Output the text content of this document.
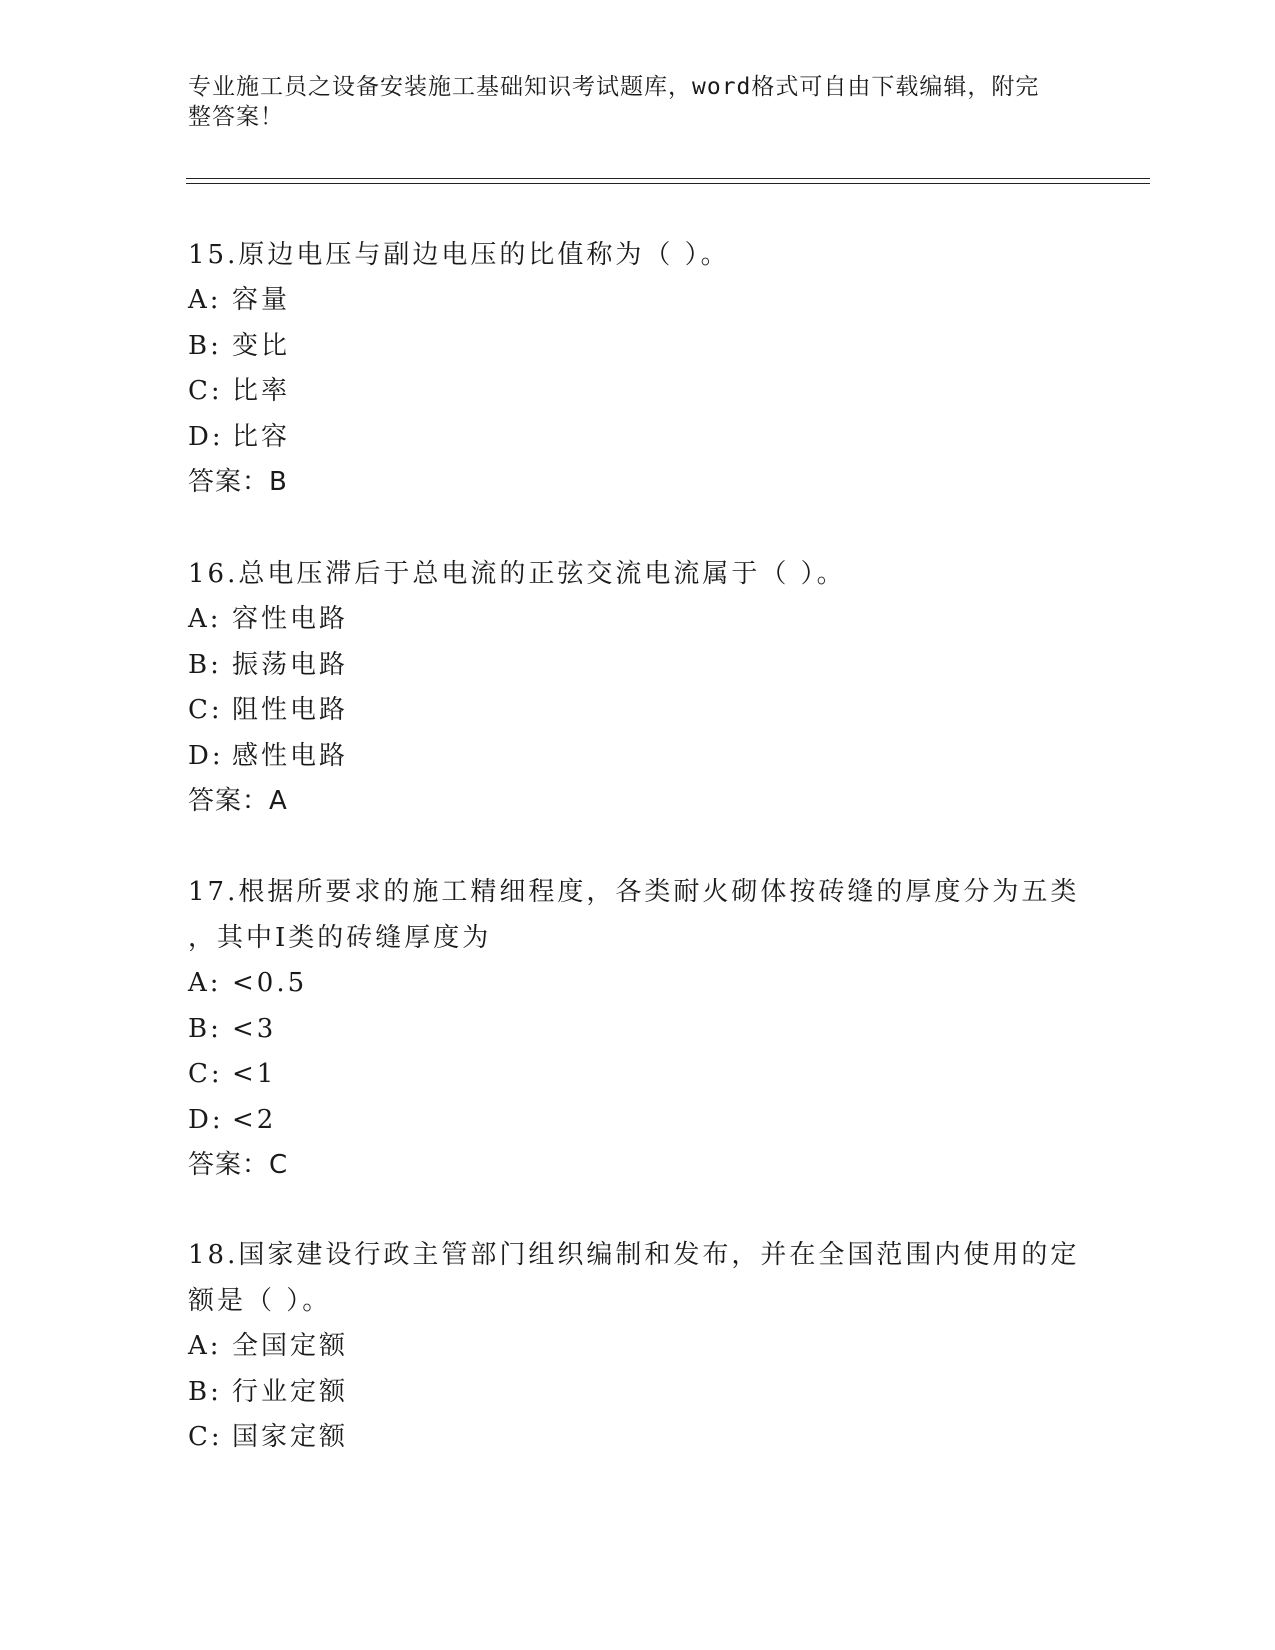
专业施工员之设备安装施工基础知识考试题库，word格式可自由下载编辑，附完
整答案！

15.原边电压与副边电压的比值称为（ ）。

A: 容量

B: 变比

C: 比率

D: 比容

答案：B

16.总电压滞后于总电流的正弦交流电流属于（ ）。

A: 容性电路

B: 振荡电路

C: 阻性电路

D: 感性电路

答案：A

17.根据所要求的施工精细程度，各类耐火砌体按砖缝的厚度分为五类

，其中Ⅰ类的砖缝厚度为

A: <0.5

B: <3

C: <1

D: <2

答案：C

18.国家建设行政主管部门组织编制和发布，并在全国范围内使用的定

额是（ ）。

A: 全国定额

B: 行业定额

C: 国家定额
